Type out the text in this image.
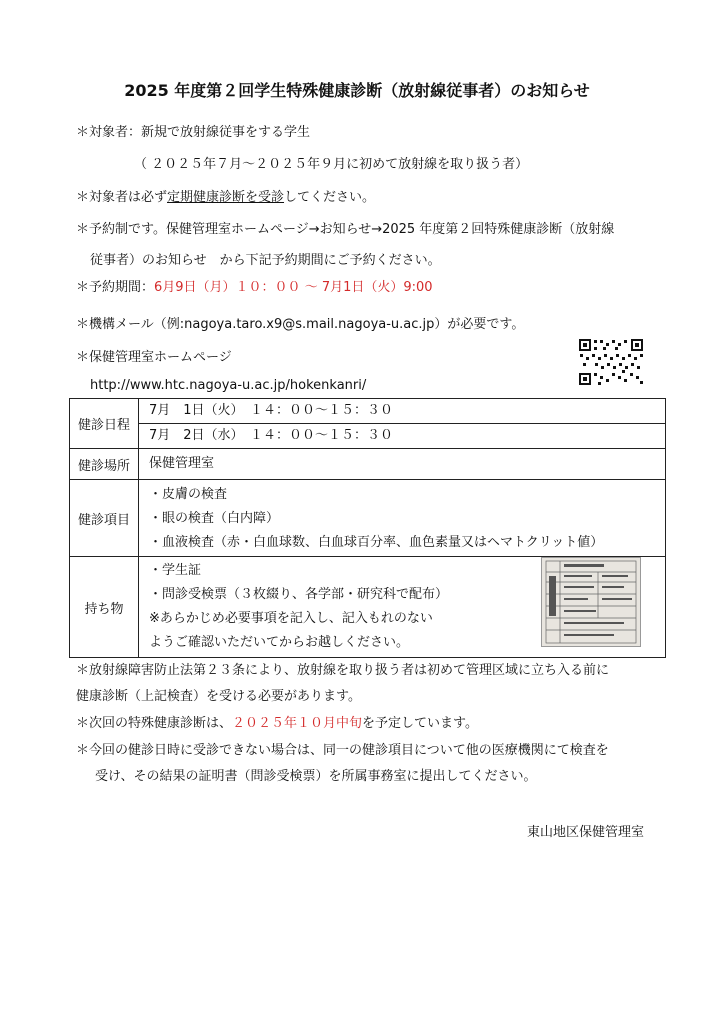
2025 年度第２回学生特殊健康診断（放射線従事者）のお知らせ
＊対象者：新規で放射線従事をする学生
（ ２０２５年７月～２０２５年９月に初めて放射線を取り扱う者）
＊対象者は必ず定期健康診断を受診してください。
＊予約制です。保健管理室ホームページ→お知らせ→2025 年度第２回特殊健康診断（放射線
従事者）のお知らせ　から下記予約期間にご予約ください。
＊予約期間：6月9日（月）１０：００ ～ 7月1日（火）9:00
＊機構メール（例:nagoya.taro.x9@s.mail.nagoya-u.ac.jp）が必要です。
＊保健管理室ホームページ
http://www.htc.nagoya-u.ac.jp/hokenkanri/
健診日程	7月　1日（火）　１４：００～１５：３０

	7月　2日（水）　１４：００～１５：３０

健診場所	保健管理室

健診項目	・皮膚の検査
・眼の検査（白内障）
・血液検査（赤・白血球数、白血球百分率、血色素量又はヘマトクリット値）

持ち物	・学生証
・問診受検票（３枚綴り、各学部・研究科で配布）
※あらかじめ必要事項を記入し、記入もれのない
ようご確認いただいてからお越しください。
＊放射線障害防止法第２３条により、放射線を取り扱う者は初めて管理区域に立ち入る前に
健康診断（上記検査）を受ける必要があります。
＊次回の特殊健康診断は、２０２５年１０月中旬を予定しています。
＊今回の健診日時に受診できない場合は、同一の健診項目について他の医療機関にて検査を
受け、その結果の証明書（問診受検票）を所属事務室に提出してください。
東山地区保健管理室
